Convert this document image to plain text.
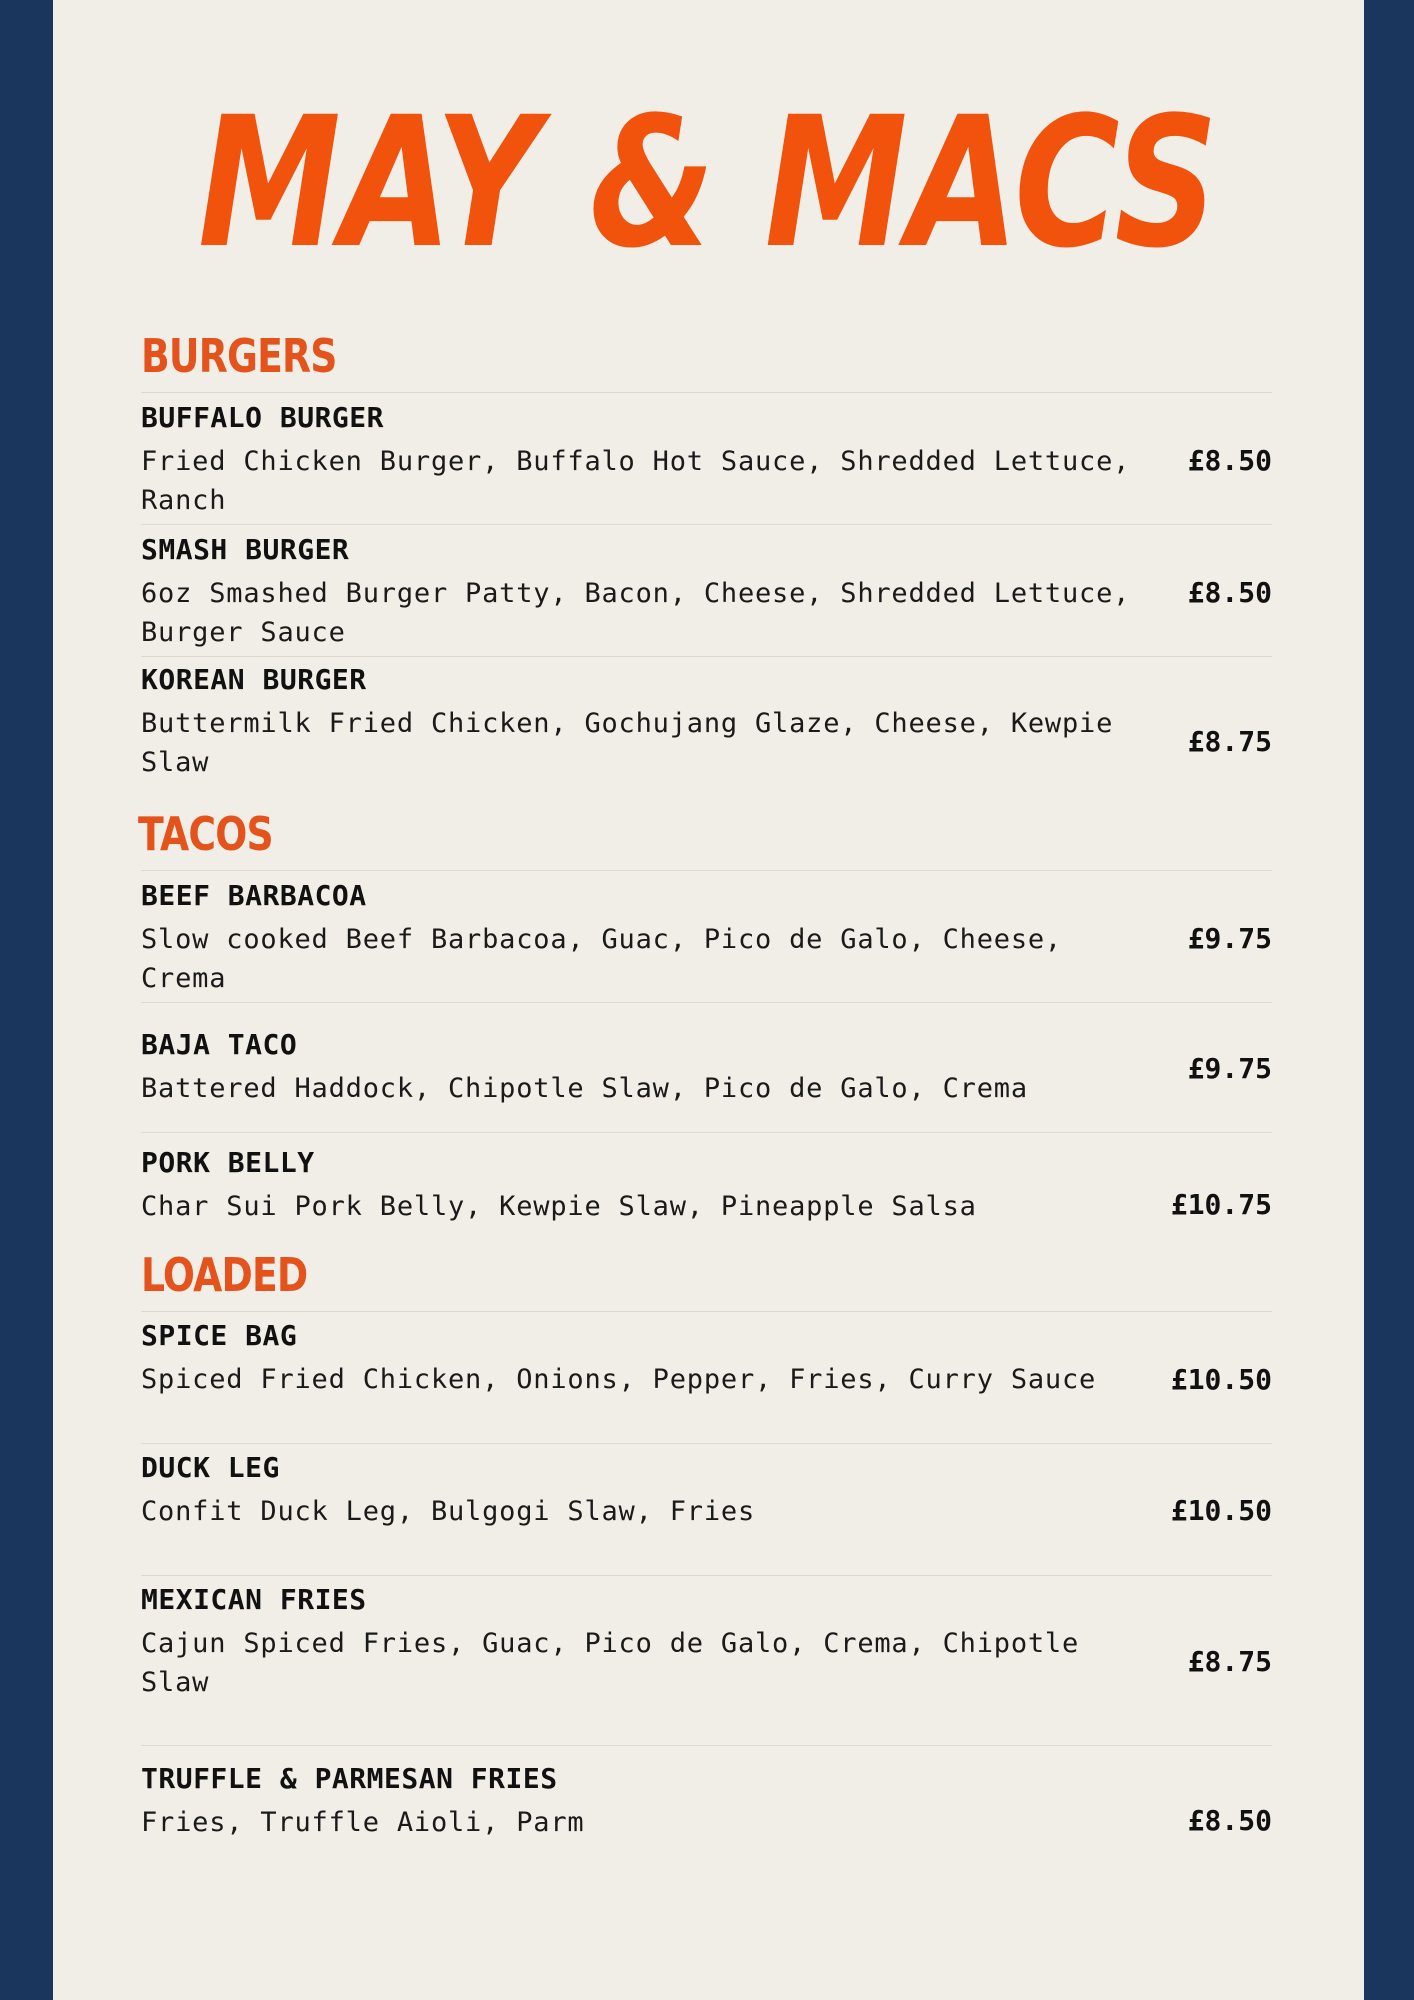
MAY & MACS
BURGERS
BUFFALO BURGER
Fried Chicken Burger, Buffalo Hot Sauce, Shredded Lettuce,
Ranch
£8.50
SMASH BURGER
6oz Smashed Burger Patty, Bacon, Cheese, Shredded Lettuce,
Burger Sauce
£8.50
KOREAN BURGER
Buttermilk Fried Chicken, Gochujang Glaze, Cheese, Kewpie
Slaw
£8.75
TACOS
BEEF BARBACOA
Slow cooked Beef Barbacoa, Guac, Pico de Galo, Cheese,
Crema
£9.75
BAJA TACO
Battered Haddock, Chipotle Slaw, Pico de Galo, Crema
£9.75
PORK BELLY
Char Sui Pork Belly, Kewpie Slaw, Pineapple Salsa	£10.75
LOADED
SPICE BAG
Spiced Fried Chicken, Onions, Pepper, Fries, Curry Sauce	£10.50
DUCK LEG
Confit Duck Leg, Bulgogi Slaw, Fries	£10.50
MEXICAN FRIES
Cajun Spiced Fries, Guac, Pico de Galo, Crema, Chipotle
Slaw
£8.75
TRUFFLE & PARMESAN FRIES
Fries, Truffle Aioli, Parm	£8.50
